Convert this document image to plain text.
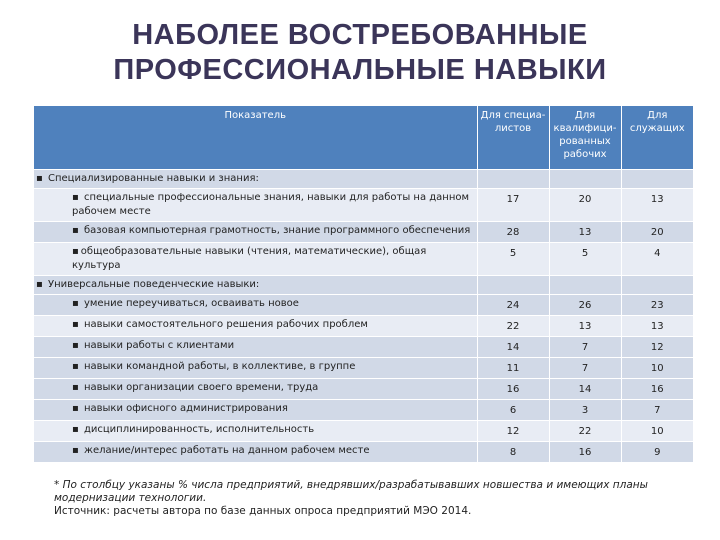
НАБОЛЕЕ ВОСТРЕБОВАННЫЕ
ПРОФЕССИОНАЛЬНЫЕ НАВЫКИ
Показатель	Для специа-листов	Для квалифици-рованных рабочих	Для служащих
▪ Специализированные навыки и знания:			
▪ специальные профессиональные знания, навыки для работы на данном рабочем месте	17	20	13
▪ базовая компьютерная грамотность, знание программного обеспечения	28	13	20
▪ общеобразовательные навыки (чтения, математические), общая культура	5	5	4
▪ Универсальные поведенческие навыки:			
▪ умение переучиваться, осваивать новое	24	26	23
▪ навыки самостоятельного решения рабочих проблем	22	13	13
▪ навыки работы с клиентами	14	7	12
▪ навыки командной работы, в коллективе, в группе	11	7	10
▪ навыки организации своего времени, труда	16	14	16
▪ навыки офисного администрирования	6	3	7
▪ дисциплинированность, исполнительность	12	22	10
▪ желание/интерес работать на данном рабочем месте	8	16	9
* По столбцу указаны % числа предприятий, внедрявших/разрабатывавших новшества и имеющих планы модернизации технологии.
Источник: расчеты автора по базе данных опроса предприятий МЭО 2014.
